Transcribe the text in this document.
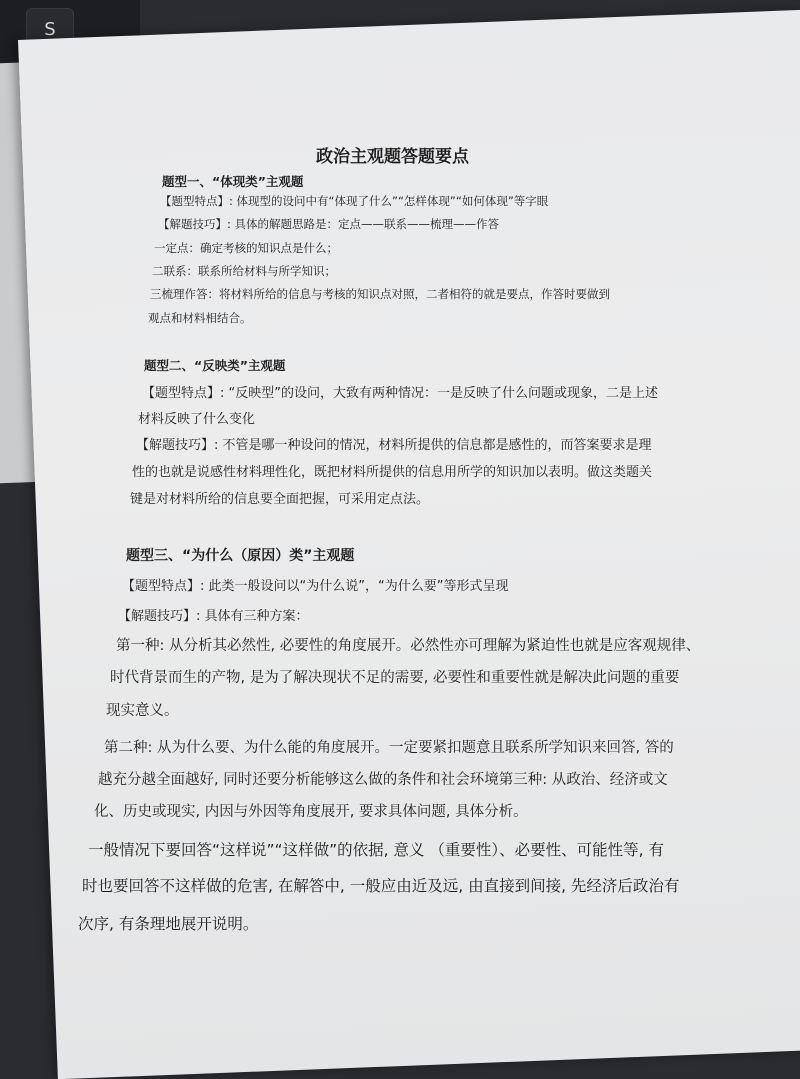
S
政治主观题答题要点
题型一、“体现类”主观题
【题型特点】: 体现型的设问中有“体现了什么”“怎样体现”“如何体现”等字眼
【解题技巧】: 具体的解题思路是：定点——联系——梳理——作答
一定点：确定考核的知识点是什么；
二联系：联系所给材料与所学知识；
三梳理作答：将材料所给的信息与考核的知识点对照，二者相符的就是要点，作答时要做到
观点和材料相结合。
题型二、“反映类”主观题
【题型特点】: “反映型”的设问，大致有两种情况：一是反映了什么问题或现象，二是上述
材料反映了什么变化
【解题技巧】: 不管是哪一种设问的情况，材料所提供的信息都是感性的，而答案要求是理
性的也就是说感性材料理性化，既把材料所提供的信息用所学的知识加以表明。做这类题关
键是对材料所给的信息要全面把握，可采用定点法。
题型三、“为什么（原因）类”主观题
【题型特点】: 此类一般设问以“为什么说”，“为什么要”等形式呈现
【解题技巧】: 具体有三种方案：
第一种: 从分析其必然性, 必要性的角度展开。必然性亦可理解为紧迫性也就是应客观规律、
时代背景而生的产物, 是为了解决现状不足的需要, 必要性和重要性就是解决此问题的重要
现实意义。
第二种: 从为什么要、为什么能的角度展开。一定要紧扣题意且联系所学知识来回答, 答的
越充分越全面越好, 同时还要分析能够这么做的条件和社会环境第三种: 从政治、经济或文
化、历史或现实, 内因与外因等角度展开, 要求具体问题, 具体分析。
一般情况下要回答“这样说”“这样做”的依据, 意义 （重要性）、必要性、可能性等, 有
时也要回答不这样做的危害, 在解答中, 一般应由近及远, 由直接到间接, 先经济后政治有
次序, 有条理地展开说明。
